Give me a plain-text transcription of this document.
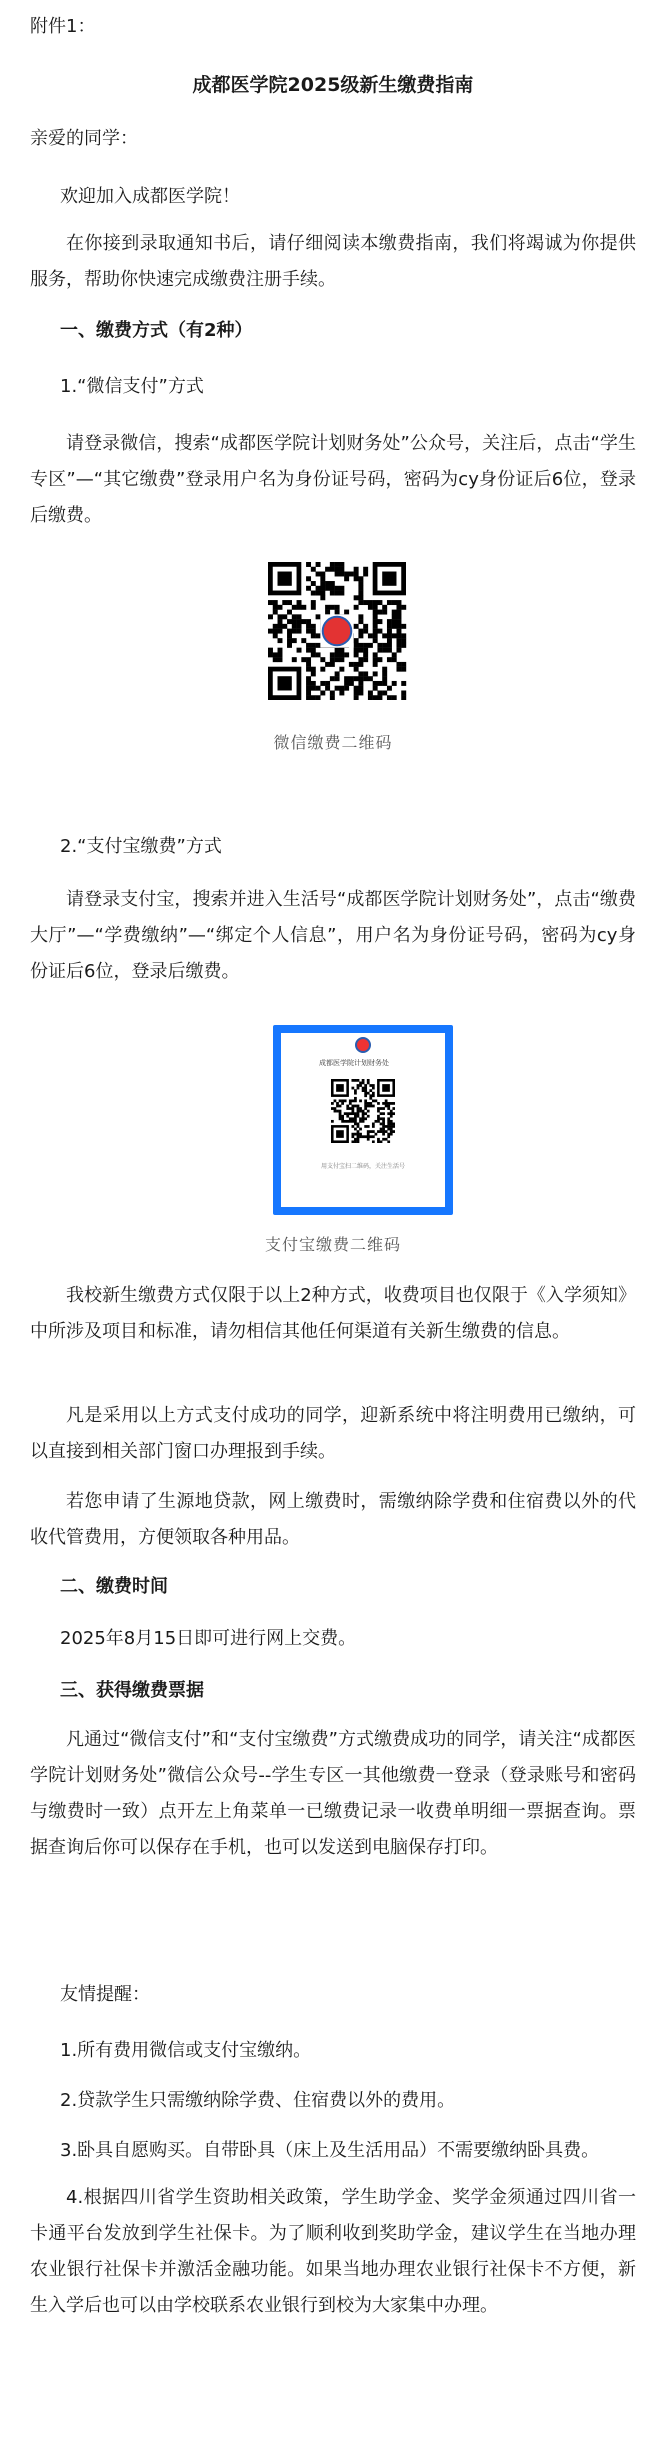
附件1：

成都医学院2025级新生缴费指南

亲爱的同学：

欢迎加入成都医学院！

在你接到录取通知书后，请仔细阅读本缴费指南，我们将竭诚为你提供服务，帮助你快速完成缴费注册手续。

一、缴费方式（有2种）

1.“微信支付”方式

请登录微信，搜索“成都医学院计划财务处”公众号，关注后，点击“学生专区”—“其它缴费”登录用户名为身份证号码，密码为cy身份证后6位，登录后缴费。

微信缴费二维码

2.“支付宝缴费”方式

请登录支付宝，搜索并进入生活号“成都医学院计划财务处”，点击“缴费大厅”—“学费缴纳”—“绑定个人信息”，用户名为身份证号码，密码为cy身份证后6位，登录后缴费。

成都医学院计划财务处
用支付宝扫二维码，关注生活号
支付宝缴费二维码

我校新生缴费方式仅限于以上2种方式，收费项目也仅限于《入学须知》中所涉及项目和标准，请勿相信其他任何渠道有关新生缴费的信息。

凡是采用以上方式支付成功的同学，迎新系统中将注明费用已缴纳，可以直接到相关部门窗口办理报到手续。

若您申请了生源地贷款，网上缴费时，需缴纳除学费和住宿费以外的代收代管费用，方便领取各种用品。

二、缴费时间

2025年8月15日即可进行网上交费。

三、获得缴费票据

凡通过“微信支付”和“支付宝缴费”方式缴费成功的同学，请关注“成都医学院计划财务处”微信公众号--学生专区一其他缴费一登录（登录账号和密码与缴费时一致）点开左上角菜单一已缴费记录一收费单明细一票据查询。票据查询后你可以保存在手机，也可以发送到电脑保存打印。

友情提醒：

1.所有费用微信或支付宝缴纳。

2.贷款学生只需缴纳除学费、住宿费以外的费用。

3.卧具自愿购买。自带卧具（床上及生活用品）不需要缴纳卧具费。

4.根据四川省学生资助相关政策，学生助学金、奖学金须通过四川省一卡通平台发放到学生社保卡。为了顺利收到奖助学金，建议学生在当地办理农业银行社保卡并激活金融功能。如果当地办理农业银行社保卡不方便，新生入学后也可以由学校联系农业银行到校为大家集中办理。
